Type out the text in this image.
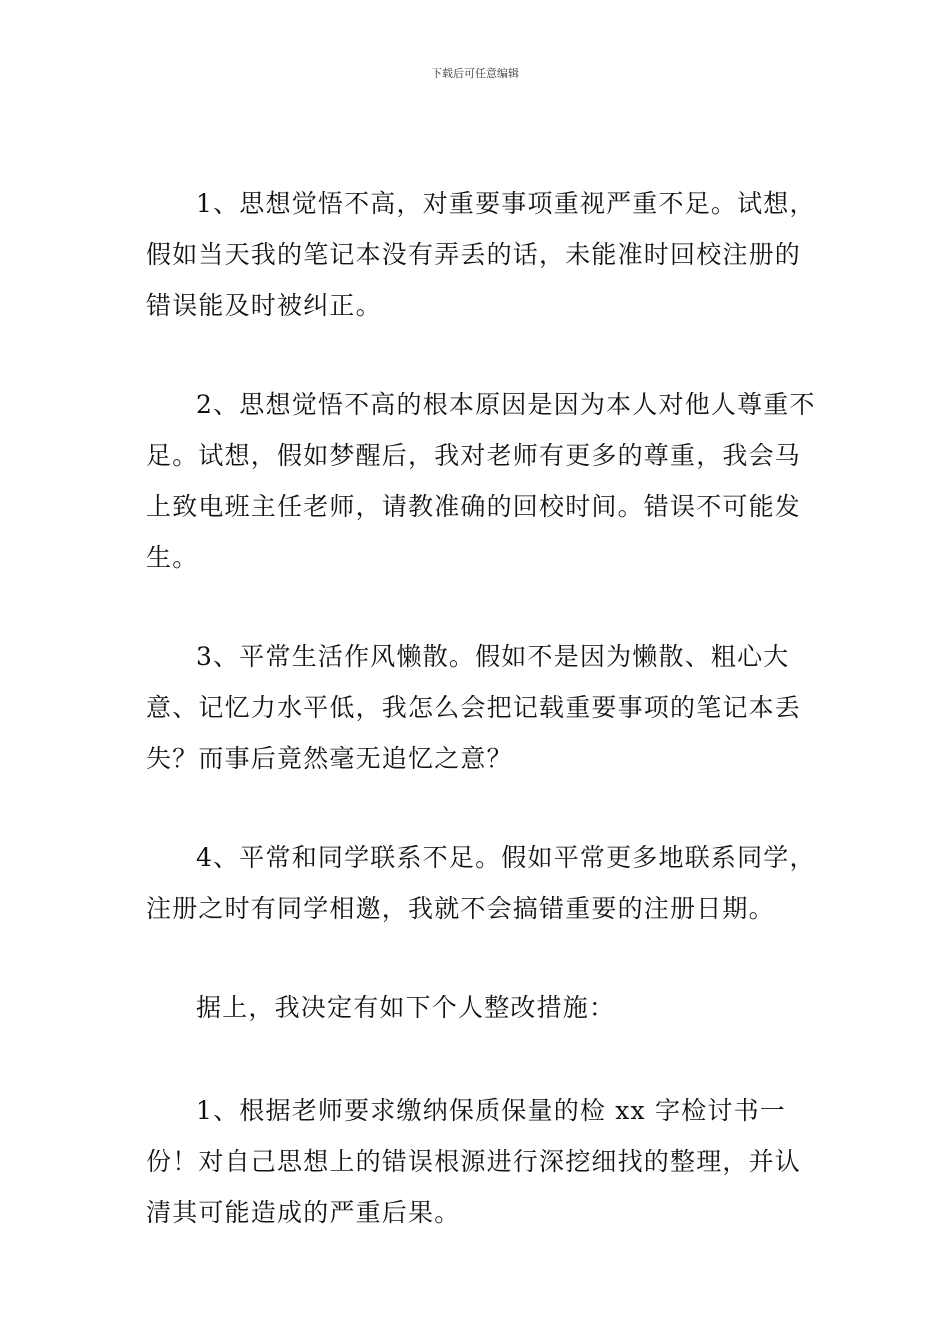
下载后可任意编辑

1、思想觉悟不高，对重要事项重视严重不足。试想，假如当天我的笔记本没有弄丢的话，未能准时回校注册的错误能及时被纠正。

2、思想觉悟不高的根本原因是因为本人对他人尊重不足。试想，假如梦醒后，我对老师有更多的尊重，我会马上致电班主任老师，请教准确的回校时间。错误不可能发生。

3、平常生活作风懒散。假如不是因为懒散、粗心大意、记忆力水平低，我怎么会把记载重要事项的笔记本丢失？而事后竟然毫无追忆之意？

4、平常和同学联系不足。假如平常更多地联系同学，注册之时有同学相邀，我就不会搞错重要的注册日期。

据上，我决定有如下个人整改措施：

1、根据老师要求缴纳保质保量的检 xx 字检讨书一份！对自己思想上的错误根源进行深挖细找的整理，并认清其可能造成的严重后果。
